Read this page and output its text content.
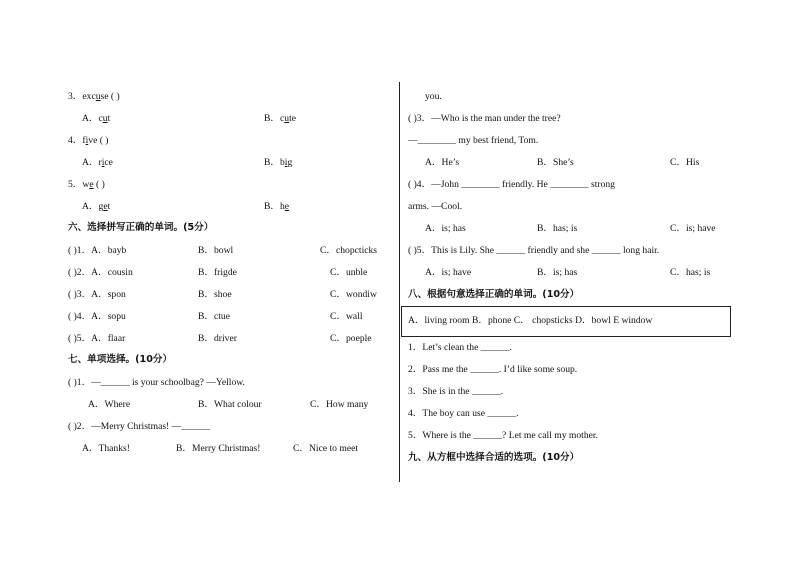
3．excuse ( )
A．cut	B．cute
4．five ( )
A．rice	B．big
5．we ( )
A．get	B．he
六、选择拼写正确的单词。(5分）
( )1．A．bayb	B．bowl	C．chopcticks
( )2．A．cousin	B．frigde	C．unble
( )3．A．spon	B．shoe	C．wondiw
( )4．A．sopu	B．ctue	C．wall
( )5．A．flaar	B．driver	C．poeple
七、单项选择。(10分）
( )1．—______ is your schoolbag? —Yellow.
A．Where	B．What colour	C．How many
( )2．—Merry Christmas! —______
A．Thanks!	B．Merry Christmas!	C．Nice to meet
you.
( )3．—Who is the man under the tree?
—________ my best friend, Tom.
A．He’s	B．She’s	C．His
( )4．—John ________ friendly. He ________ strong
arms. —Cool.
A．is; has	B．has; is	C．is; have
( )5．This is Lily. She ______ friendly and she ______ long hair.
A．is; have	B．is; has	C．has; is
八、根据句意选择正确的单词。(10分）
A．living room B．phone C． chopsticks D．bowl E window
1．Let’s clean the ______.
2．Pass me the ______. I’d like some soup.
3．She is in the ______.
4．The boy can use ______.
5．Where is the ______? Let me call my mother.
九、从方框中选择合适的选项。(10分）
